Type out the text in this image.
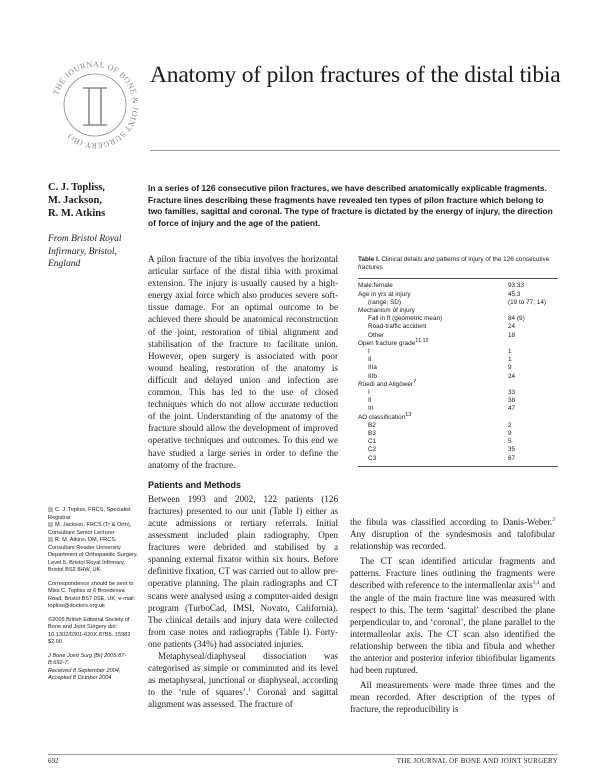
THE JOURNAL OF BONE & JOINT SURGERY (Br)
Anatomy of pilon fractures of the distal tibia
C. J. Topliss,
M. Jackson,
R. M. Atkins
From Bristol Royal
Infirmary, Bristol,
England

In a series of 126 consecutive pilon fractures, we have described anatomically explicable fragments. Fracture lines describing these fragments have revealed ten types of pilon fracture which belong to two families, sagittal and coronal. The type of fracture is dictated by the energy of injury, the direction of force of injury and the age of the patient.

A pilon fracture of the tibia involves the horizontal articular surface of the distal tibia with proximal extension. The injury is usually caused by a high-energy axial force which also produces severe soft-tissue damage. For an optimal outcome to be achieved there should be anatomical reconstruction of the joint, restoration of tibial alignment and stabilisation of the fracture to facilitate union. However, open surgery is associated with poor wound healing, restoration of the anatomy is difficult and delayed union and infection are common. This has led to the use of closed techniques which do not allow accurate reduction of the joint. Understanding of the anatomy of the fracture should allow the development of improved operative techniques and outcomes. To this end we have studied a large series in order to define the anatomy of the fracture.

Patients and Methods

Between 1993 and 2002, 122 patients (126 fractures) presented to our unit (Table I) either as acute admissions or tertiary referrals. Initial assessment included plain radiography. Open fractures were debrided and stabilised by a spanning external fixator within six hours. Before definitive fixation, CT was carried out to allow pre-operative planning. The plain radiographs and CT scans were analysed using a computer-aided design program (TurboCad, IMSI, Novato, California). The clinical details and injury data were collected from case notes and radiographs (Table I). Forty-one patients (34%) had associated injuries.

Metaphyseal/diaphyseal dissociation was categorised as simple or comminuted and its level as metaphyseal, junctional or diaphyseal, according to the ‘rule of squares’.$^1$ Coronal and sagittal alignment was assessed. The fracture of

Table I. Clinical details and patterns of injury of the 126 consecutive fractures
Male:female	93:33
Age in yrs at injury	45.3
(range; SD)	(19 to 77; 14)
Mechanism of injury
Fall in ft (geometric mean)	84 (9)
Road-traffic accident	24
Other	18
Open fracture grade$^{11,12}$
I	1
II	1
IIIa	9
IIIb	24
Rüedi and Allgöwer$^7$
I	33
II	38
III	47
AO classification$^{13}$
B2	2
B3	9
C1	5
C2	35
C3	67

the fibula was classified according to Danis-Weber.$^2$ Any disruption of the syndesmosis and talofibular relationship was recorded.

The CT scan identified articular fragments and patterns. Fracture lines outlining the fragments were described with reference to the intermalleolar axis$^{3,4}$ and the angle of the main fracture line was measured with respect to this. The term ‘sagittal’ described the plane perpendicular to, and ‘coronal’, the plane parallel to the intermalleolar axis. The CT scan also identified the relationship between the tibia and fibula and whether the anterior and posterior inferior tibiofibular ligaments had been ruptured.

All measurements were made three times and the mean recorded. After description of the types of fracture, the reproducibility is

C. J. Topliss, FRCS, Specialist Registrar
M. Jackson, FRCS (Tr & Orth), Consultant Senior Lecturer
R. M. Atkins, DM, FRCS, Consultant Reader University Department of Orthopaedic Surgery, Level 5, Bristol Royal Infirmary, Bristol BS2 8HW, UK.
Correspondence should be sent to Miss C. Topliss at 6 Brondesea Road, Bristol BS7 0SE, UK; e-mail: topliss@doctors.org.uk
©2005 British Editorial Society of Bone and Joint Surgery doi: 10.1302/0301-620X.87B5. 15982 $2.00
J Bone Joint Surg [Br] 2005;87-B:692-7.
Received 8 September 2004;
Accepted 8 October 2004
692	THE JOURNAL OF BONE AND JOINT SURGERY
